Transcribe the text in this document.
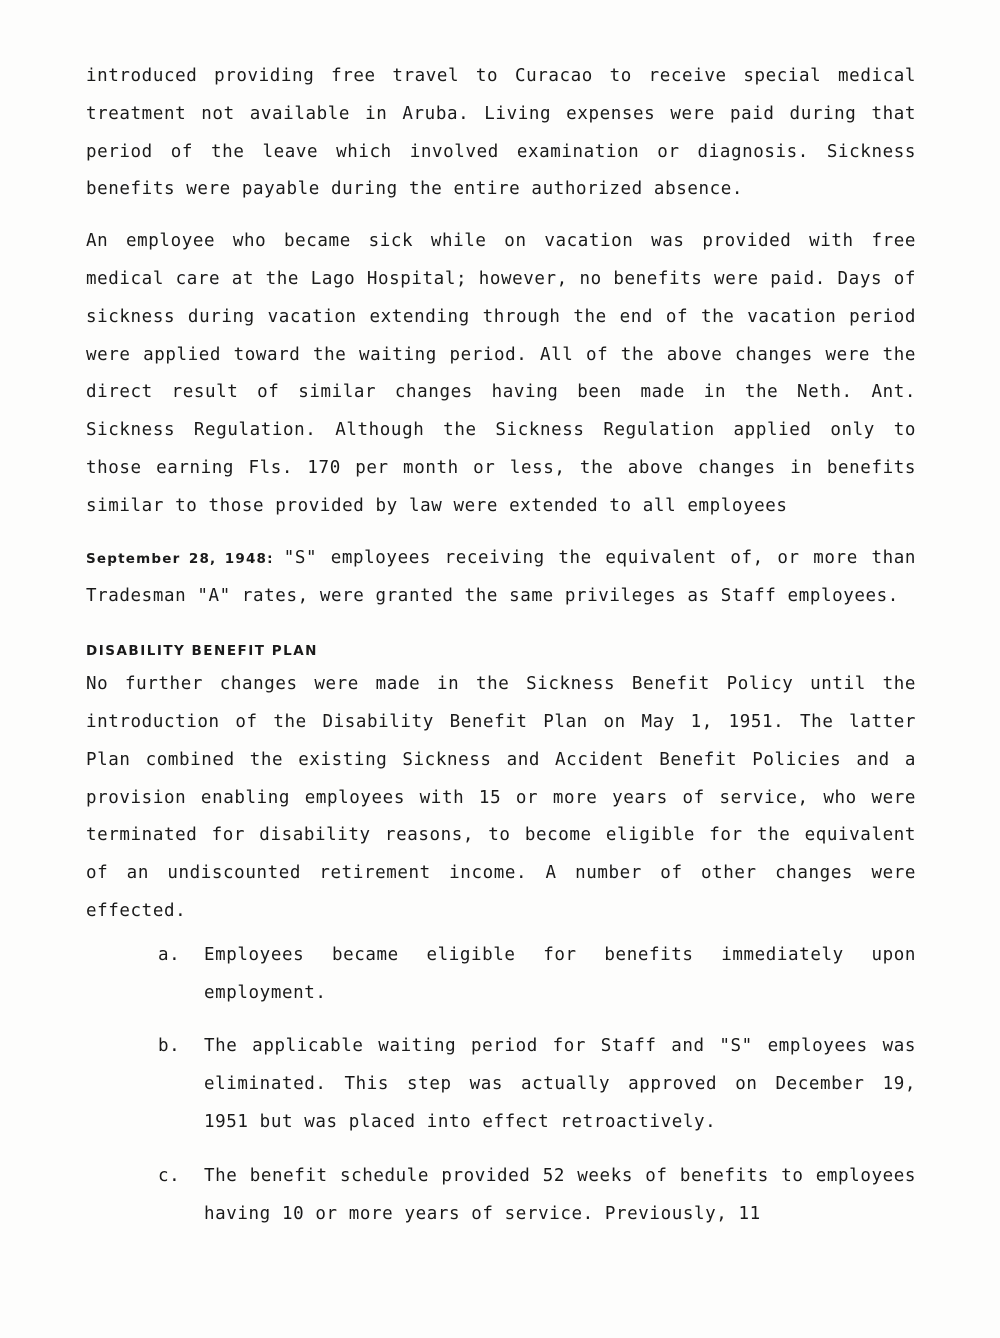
introduced providing free travel to Curacao to receive special medical treatment not available in Aruba. Living expenses were paid during that period of the leave which involved examination or diagnosis. Sickness benefits were payable during the entire authorized absence.

An employee who became sick while on vacation was provided with free medical care at the Lago Hospital; however, no benefits were paid. Days of sickness during vacation extending through the end of the vacation period were applied toward the waiting period. All of the above changes were the direct result of similar changes having been made in the Neth. Ant. Sickness Regulation. Although the Sickness Regulation applied only to those earning Fls. 170 per month or less, the above changes in benefits similar to those provided by law were extended to all employees

September 28, 1948: "S" employees receiving the equivalent of, or more than Tradesman "A" rates, were granted the same privileges as Staff employees.

DISABILITY BENEFIT PLAN

No further changes were made in the Sickness Benefit Policy until the introduction of the Disability Benefit Plan on May 1, 1951. The latter Plan combined the existing Sickness and Accident Benefit Policies and a provision enabling employees with 15 or more years of service, who were terminated for disability reasons, to become eligible for the equivalent of an undiscounted retirement income. A number of other changes were effected.

a.	Employees became eligible for benefits immediately upon employment.
b.	The applicable waiting period for Staff and "S" employees was eliminated. This step was actually approved on December 19, 1951 but was placed into effect retroactively.
c.	The benefit schedule provided 52 weeks of benefits to employees having 10 or more years of service. Previously, 11
